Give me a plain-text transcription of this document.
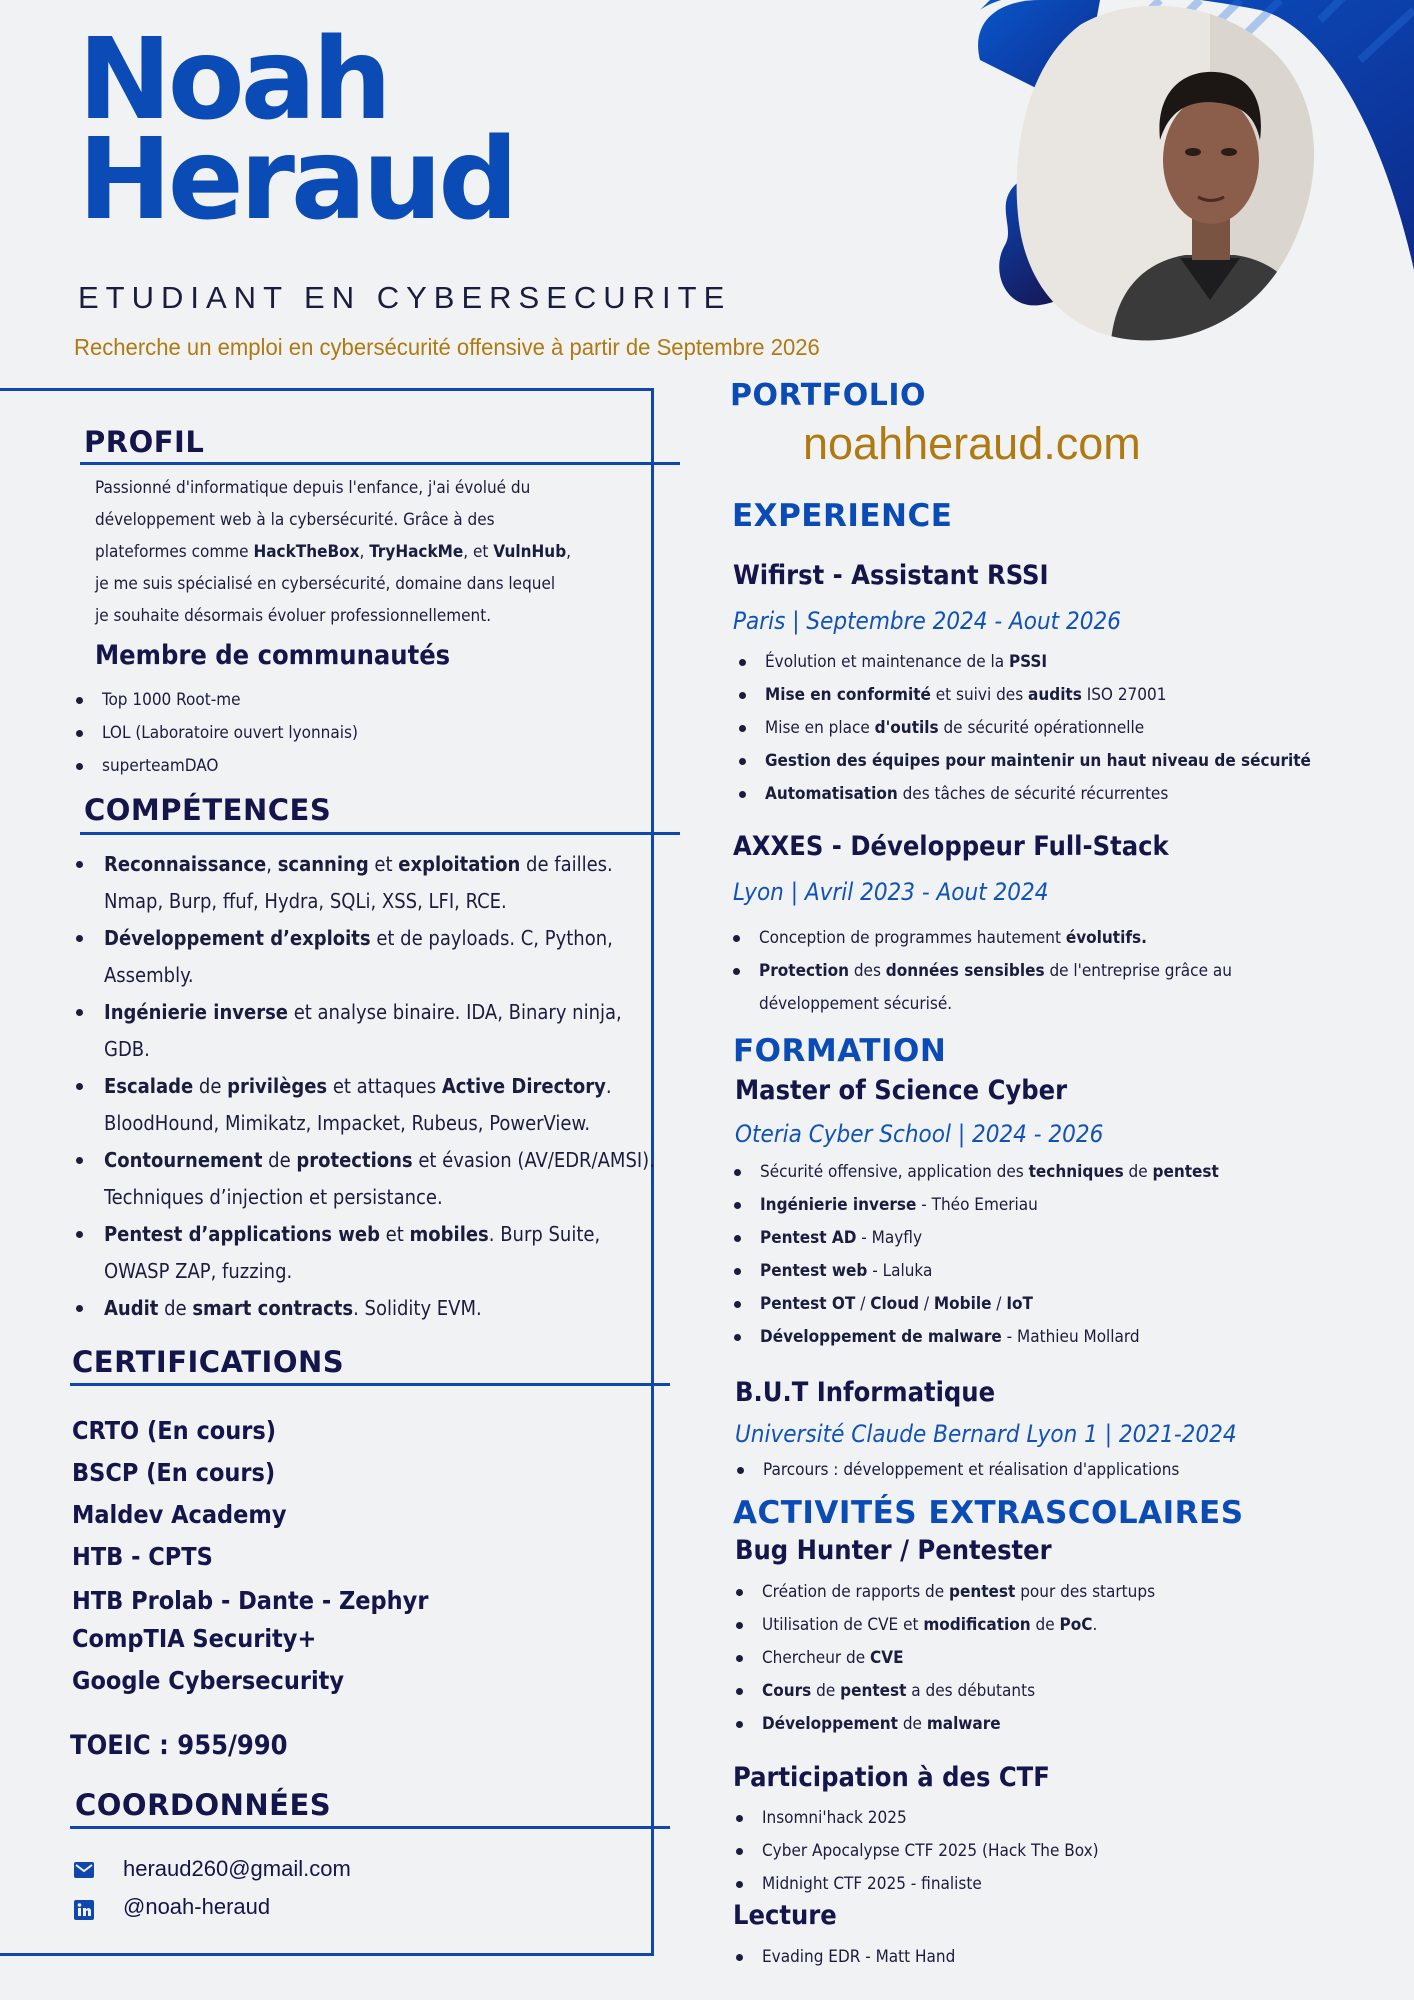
Noah
Heraud
ETUDIANT EN CYBERSECURITE
Recherche un emploi en cybersécurité offensive à partir de Septembre 2026
PROFIL
Passionné d'informatique depuis l'enfance, j'ai évolué du
développement web à la cybersécurité. Grâce à des
plateformes comme HackTheBox, TryHackMe, et VulnHub,
je me suis spécialisé en cybersécurité, domaine dans lequel
je souhaite désormais évoluer professionnellement.
Membre de communautés
Top 1000 Root-me
LOL (Laboratoire ouvert lyonnais)
superteamDAO
COMPÉTENCES
Reconnaissance, scanning et exploitation de failles. Nmap, Burp, ffuf, Hydra, SQLi, XSS, LFI, RCE.
Développement d’exploits et de payloads. C, Python, Assembly.
Ingénierie inverse et analyse binaire. IDA, Binary ninja, GDB.
Escalade de privilèges et attaques Active Directory. BloodHound, Mimikatz, Impacket, Rubeus, PowerView.
Contournement de protections et évasion (AV/EDR/AMSI). Techniques d’injection et persistance.
Pentest d’applications web et mobiles. Burp Suite, OWASP ZAP, fuzzing.
Audit de smart contracts. Solidity EVM.
CERTIFICATIONS
CRTO (En cours)
BSCP (En cours)
Maldev Academy
HTB - CPTS
HTB Prolab - Dante - Zephyr
CompTIA Security+
Google Cybersecurity
TOEIC : 955/990
COORDONNÉES
heraud260@gmail.com
@noah-heraud
PORTFOLIO
noahheraud.com
EXPERIENCE
Wifirst - Assistant RSSI
Paris | Septembre 2024 - Aout 2026
Évolution et maintenance de la PSSI
Mise en conformité et suivi des audits ISO 27001
Mise en place d'outils de sécurité opérationnelle
Gestion des équipes pour maintenir un haut niveau de sécurité
Automatisation des tâches de sécurité récurrentes
AXXES - Développeur Full-Stack
Lyon | Avril 2023 - Aout 2024
Conception de programmes hautement évolutifs.
Protection des données sensibles de l'entreprise grâce au développement sécurisé.
FORMATION
Master of Science Cyber
Oteria Cyber School | 2024 - 2026
Sécurité offensive, application des techniques de pentest
Ingénierie inverse - Théo Emeriau
Pentest AD - Mayfly
Pentest web - Laluka
Pentest OT / Cloud / Mobile / IoT
Développement de malware - Mathieu Mollard
B.U.T Informatique
Université Claude Bernard Lyon 1 | 2021-2024
Parcours : développement et réalisation d'applications
ACTIVITÉS EXTRASCOLAIRES
Bug Hunter / Pentester
Création de rapports de pentest pour des startups
Utilisation de CVE et modification de PoC.
Chercheur de CVE
Cours de pentest a des débutants
Développement de malware
Participation à des CTF
Insomni'hack 2025
Cyber Apocalypse CTF 2025 (Hack The Box)
Midnight CTF 2025 - finaliste
Lecture
Evading EDR - Matt Hand
